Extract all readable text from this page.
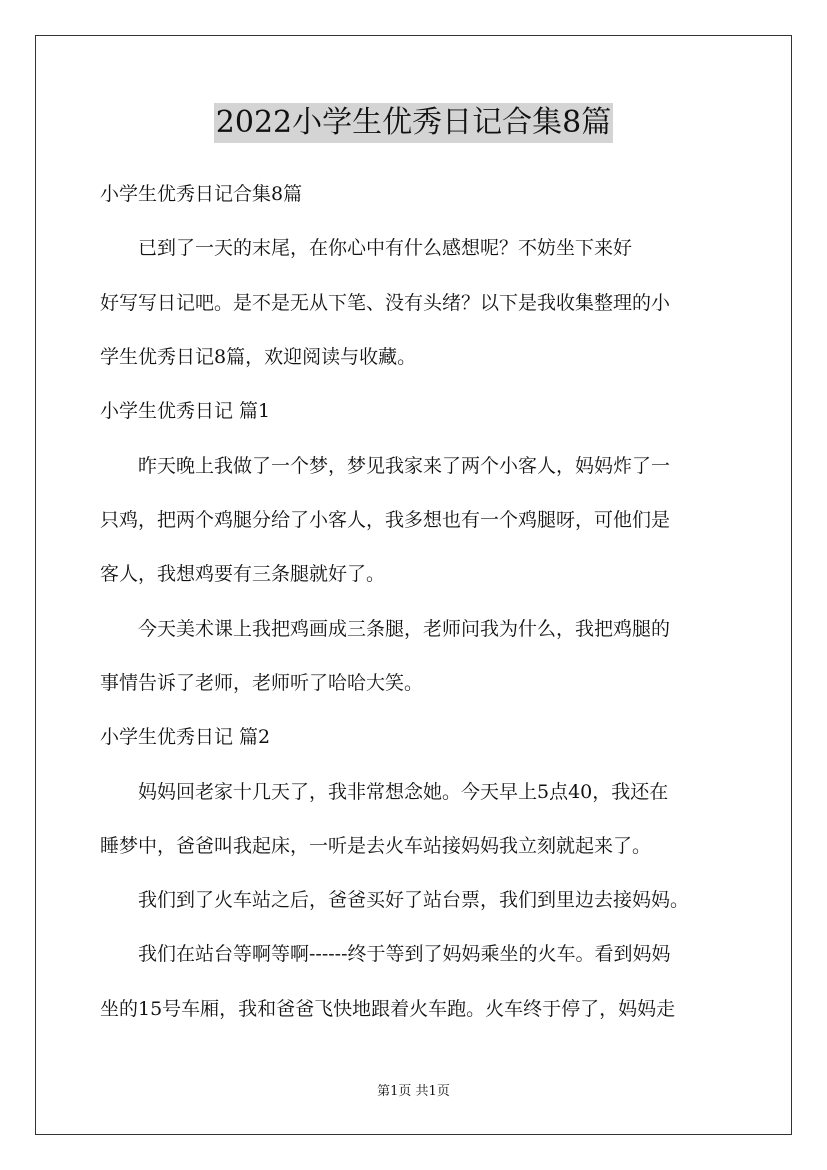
2022小学生优秀日记合集8篇
小学生优秀日记合集8篇
　　已到了一天的末尾，在你心中有什么感想呢？不妨坐下来好
好写写日记吧。是不是无从下笔、没有头绪？以下是我收集整理的小
学生优秀日记8篇，欢迎阅读与收藏。
小学生优秀日记 篇1
　　昨天晚上我做了一个梦，梦见我家来了两个小客人，妈妈炸了一
只鸡，把两个鸡腿分给了小客人，我多想也有一个鸡腿呀，可他们是
客人，我想鸡要有三条腿就好了。
　　今天美术课上我把鸡画成三条腿，老师问我为什么，我把鸡腿的
事情告诉了老师，老师听了哈哈大笑。
小学生优秀日记 篇2
　　妈妈回老家十几天了，我非常想念她。今天早上5点40，我还在
睡梦中，爸爸叫我起床，一听是去火车站接妈妈我立刻就起来了。
　　我们到了火车站之后，爸爸买好了站台票，我们到里边去接妈妈。
　　我们在站台等啊等啊------终于等到了妈妈乘坐的火车。看到妈妈
坐的15号车厢，我和爸爸飞快地跟着火车跑。火车终于停了，妈妈走
第1页 共1页
